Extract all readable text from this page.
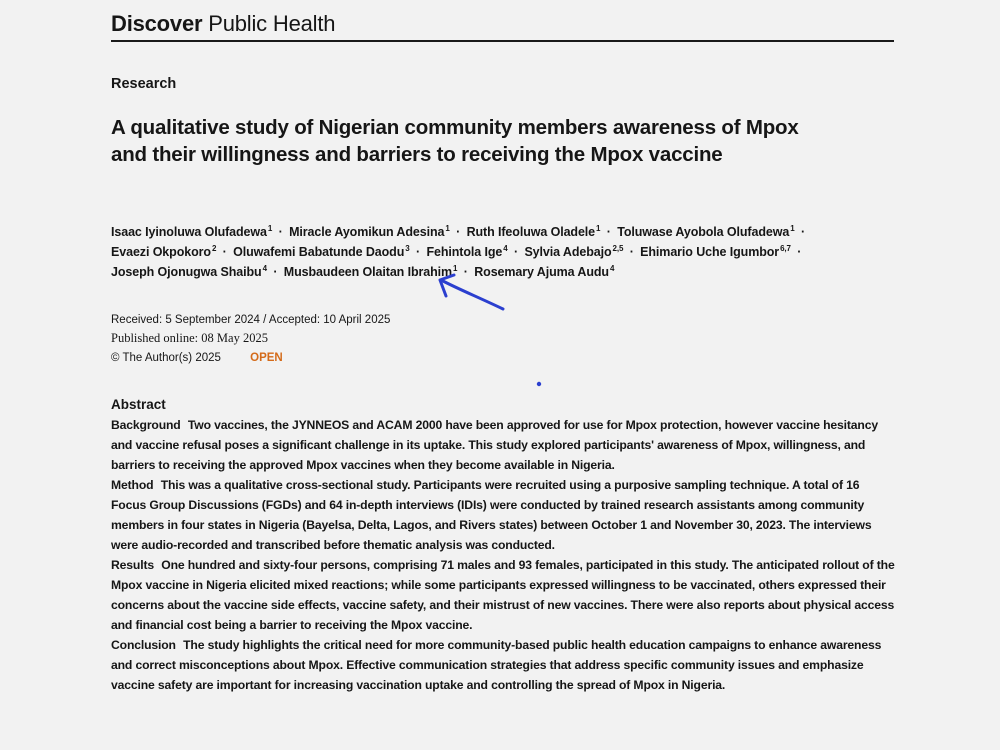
Discover Public Health
Research
A qualitative study of Nigerian community members awareness of Mpox and their willingness and barriers to receiving the Mpox vaccine
Isaac Iyinoluwa Olufadewa$^1$ · Miracle Ayomikun Adesina$^1$ · Ruth Ifeoluwa Oladele$^1$ · Toluwase Ayobola Olufadewa$^1$ · Evaezi Okpokoro$^2$ · Oluwafemi Babatunde Daodu$^3$ · Fehintola Ige$^4$ · Sylvia Adebajo$^{2,5}$ · Ehimario Uche Igumbor$^{6,7}$ · Joseph Ojonugwa Shaibu$^4$ · Musbaudeen Olaitan Ibrahim$^1$ · Rosemary Ajuma Audu$^4$
Received: 5 September 2024 / Accepted: 10 April 2025
Published online: 08 May 2025
© The Author(s) 2025	OPEN
Abstract

Background Two vaccines, the JYNNEOS and ACAM 2000 have been approved for use for Mpox protection, however vaccine hesitancy and vaccine refusal poses a significant challenge in its uptake. This study explored participants' awareness of Mpox, willingness, and barriers to receiving the approved Mpox vaccines when they become available in Nigeria.

Method This was a qualitative cross-sectional study. Participants were recruited using a purposive sampling technique. A total of 16 Focus Group Discussions (FGDs) and 64 in-depth interviews (IDIs) were conducted by trained research assistants among community members in four states in Nigeria (Bayelsa, Delta, Lagos, and Rivers states) between October 1 and November 30, 2023. The interviews were audio-recorded and transcribed before thematic analysis was conducted.

Results One hundred and sixty-four persons, comprising 71 males and 93 females, participated in this study. The anticipated rollout of the Mpox vaccine in Nigeria elicited mixed reactions; while some participants expressed willingness to be vaccinated, others expressed their concerns about the vaccine side effects, vaccine safety, and their mistrust of new vaccines. There were also reports about physical access and financial cost being a barrier to receiving the Mpox vaccine.

Conclusion The study highlights the critical need for more community-based public health education campaigns to enhance awareness and correct misconceptions about Mpox. Effective communication strategies that address specific community issues and emphasize vaccine safety are important for increasing vaccination uptake and controlling the spread of Mpox in Nigeria.
